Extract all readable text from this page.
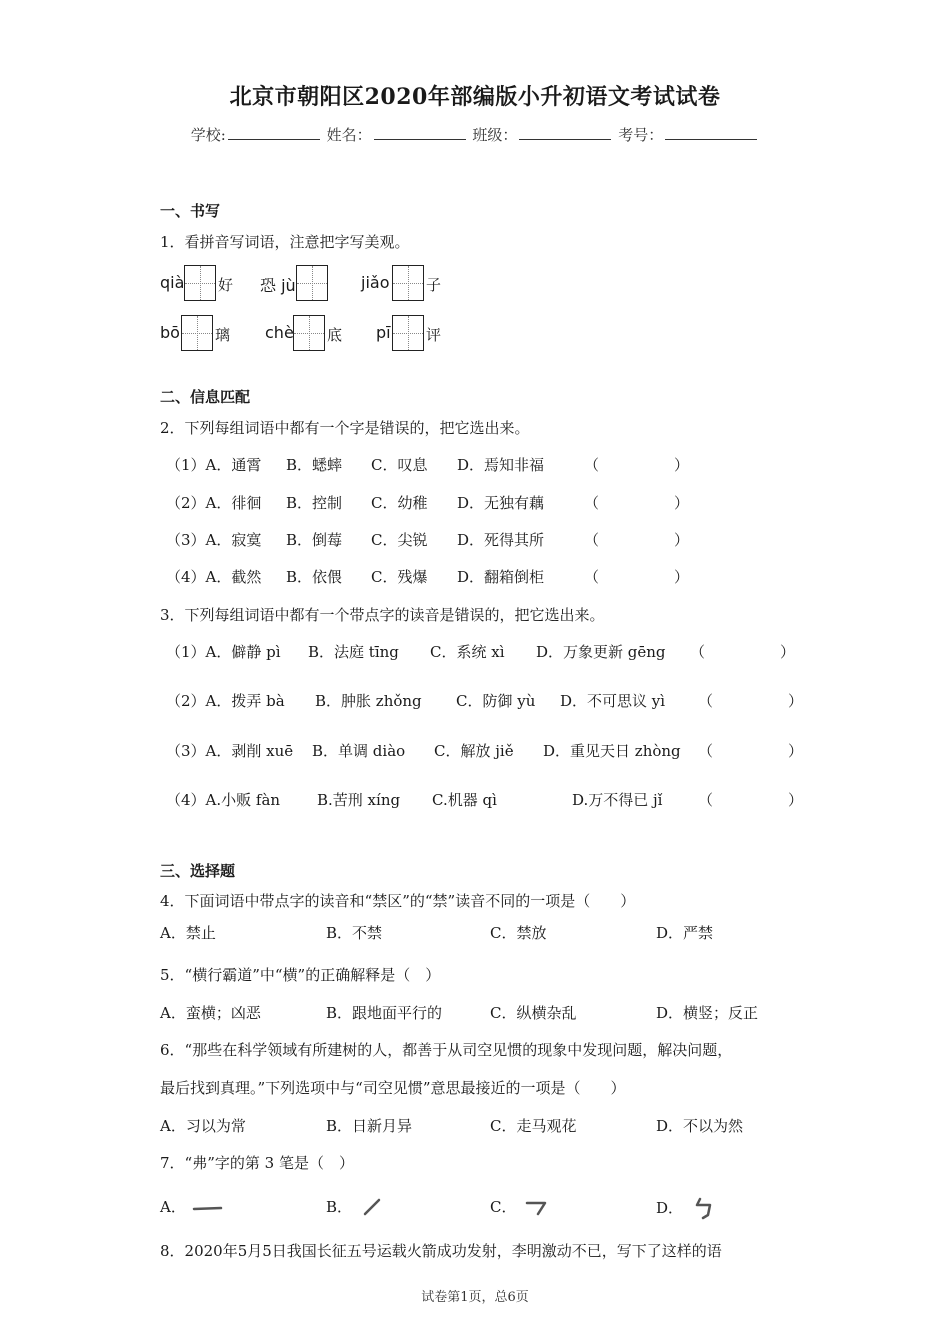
北京市朝阳区2020年部编版小升初语文考试试卷
学校:	姓名：	班级：	考号：
一、书写
1．看拼音写词语，注意把字写美观。
qià 好 恐 jù	jiǎo 子
bō 璃 chè 底 pī 评
二、信息匹配
2．下列每组词语中都有一个字是错误的，把它选出来。
（1）A．通霄 B．蟋蟀 C．叹息 D．焉知非福	（　　　　　）
（2）A．徘徊 B．控制 C．幼稚 D．无独有藕	（　　　　　）
（3）A．寂寞 B．倒莓 C．尖锐 D．死得其所	（　　　　　）
（4）A．截然 B．依偎 C．残爆 D．翻箱倒柜	（　　　　　）
3．下列每组词语中都有一个带点字的读音是错误的，把它选出来。
（1）A．僻静 pì B．法庭 tīng C．系统 xì D．万象更新 gēng （　　　　　）
（2）A．拨弄 bà B．肿胀 zhǒng C．防御 yù D．不可思议 yì （　　　　　）
（3）A．剥削 xuē B．单调 diào C．解放 jiě D．重见天日 zhòng （　　　　　）
（4）A.小贩 fàn B.苦刑 xíng C.机器 qì	D.万不得已 jǐ （　　　　　）
三、选择题
4．下面词语中带点字的读音和“禁区”的“禁”读音不同的一项是（　　）
A．禁止	B．不禁	C．禁放	D．严禁
5．“横行霸道”中“横”的正确解释是（　）
A．蛮横；凶恶	B．跟地面平行的	C．纵横杂乱	D．横竖；反正
6．“那些在科学领域有所建树的人，都善于从司空见惯的现象中发现问题，解决问题，
最后找到真理。”下列选项中与“司空见惯”意思最接近的一项是（　　）
A．习以为常	B．日新月异	C．走马观花	D．不以为然
7．“弗”字的第 3 笔是（　）
A．	B．	C．	D．
8．2020年5月5日我国长征五号运载火箭成功发射，李明激动不已，写下了这样的语
试卷第1页，总6页
